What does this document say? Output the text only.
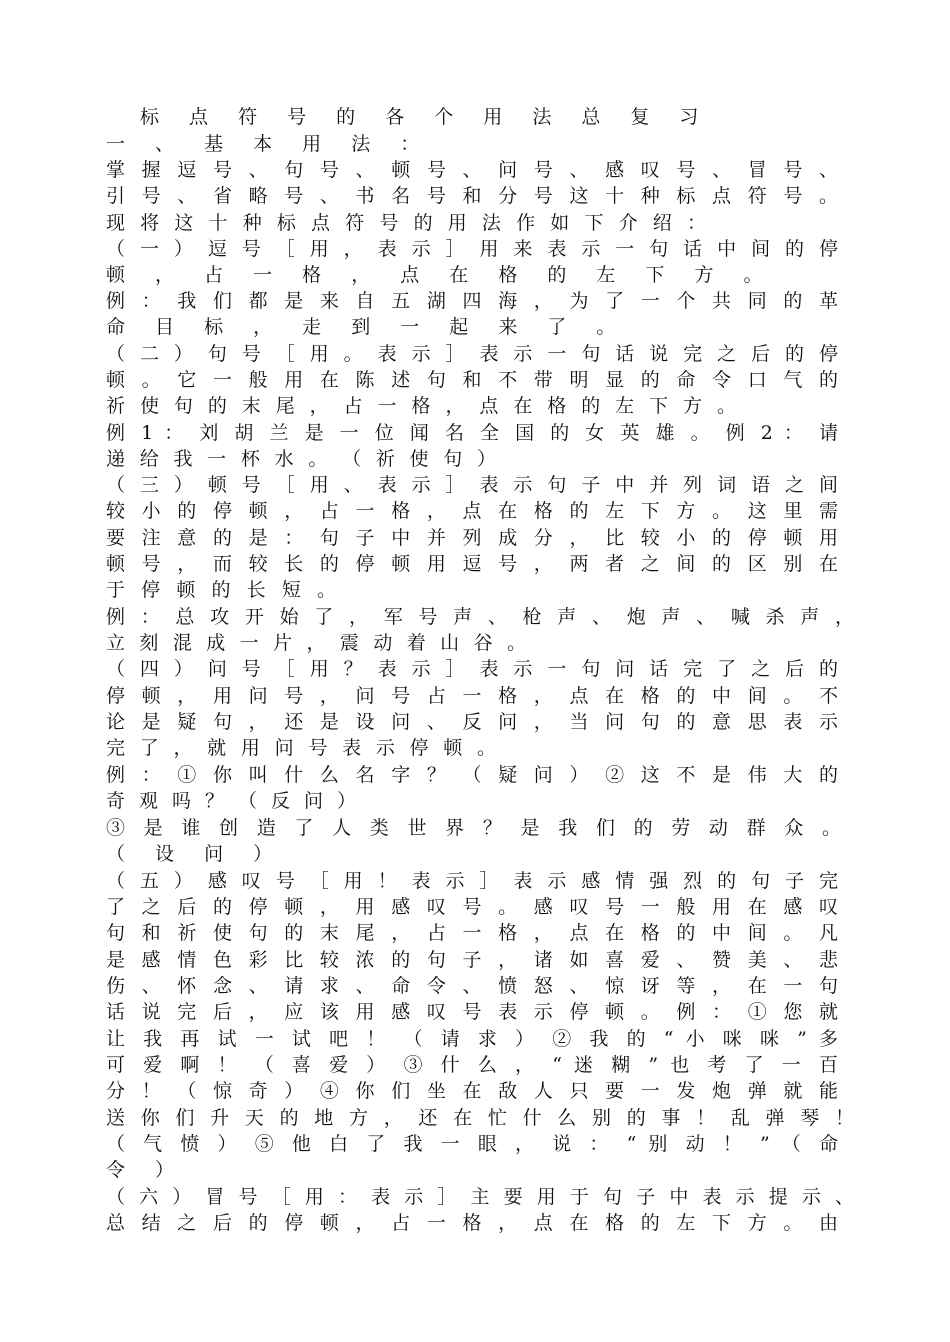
标 点 符 号 的 各 个 用 法 总 复 习
一 、 基 本 用 法 ：
掌 握 逗 号 、 句 号 、 顿 号 、 问 号 、 感 叹 号 、 冒 号 、
引 号 、 省 略 号 、 书 名 号 和 分 号 这 十 种 标 点 符 号 。
现 将 这 十 种 标 点 符 号 的 用 法 作 如 下 介 绍 ：
（ 一 ） 逗 号 ［ 用 ， 表 示 ］ 用 来 表 示 一 句 话 中 间 的 停
顿 ， 占 一 格 ， 点 在 格 的 左 下 方 。
例 ： 我 们 都 是 来 自 五 湖 四 海 ， 为 了 一 个 共 同 的 革
命 目 标 ， 走 到 一 起 来 了 。
（ 二 ） 句 号 ［ 用 。 表 示 ］ 表 示 一 句 话 说 完 之 后 的 停
顿 。 它 一 般 用 在 陈 述 句 和 不 带 明 显 的 命 令 口 气 的
祈 使 句 的 末 尾 ， 占 一 格 ， 点 在 格 的 左 下 方 。
例 1 ： 刘 胡 兰 是 一 位 闻 名 全 国 的 女 英 雄 。 例 2 ： 请
递 给 我 一 杯 水 。 （ 祈 使 句 ）
（ 三 ） 顿 号 ［ 用 、 表 示 ］ 表 示 句 子 中 并 列 词 语 之 间
较 小 的 停 顿 ， 占 一 格 ， 点 在 格 的 左 下 方 。 这 里 需
要 注 意 的 是 ： 句 子 中 并 列 成 分 ， 比 较 小 的 停 顿 用
顿 号 ， 而 较 长 的 停 顿 用 逗 号 ， 两 者 之 间 的 区 别 在
于 停 顿 的 长 短 。
例 ： 总 攻 开 始 了 ， 军 号 声 、 枪 声 、 炮 声 、 喊 杀 声 ，
立 刻 混 成 一 片 ， 震 动 着 山 谷 。
（ 四 ） 问 号 ［ 用 ？ 表 示 ］ 表 示 一 句 问 话 完 了 之 后 的
停 顿 ， 用 问 号 ， 问 号 占 一 格 ， 点 在 格 的 中 间 。 不
论 是 疑 句 ， 还 是 设 问 、 反 问 ， 当 问 句 的 意 思 表 示
完 了 ， 就 用 问 号 表 示 停 顿 。
例 ： ① 你 叫 什 么 名 字 ？ （ 疑 问 ） ② 这 不 是 伟 大 的
奇 观 吗 ？ （ 反 问 ）
③ 是 谁 创 造 了 人 类 世 界 ？ 是 我 们 的 劳 动 群 众 。
（ 设 问 ）
（ 五 ） 感 叹 号 ［ 用 ！ 表 示 ］ 表 示 感 情 强 烈 的 句 子 完
了 之 后 的 停 顿 ， 用 感 叹 号 。 感 叹 号 一 般 用 在 感 叹
句 和 祈 使 句 的 末 尾 ， 占 一 格 ， 点 在 格 的 中 间 。 凡
是 感 情 色 彩 比 较 浓 的 句 子 ， 诸 如 喜 爱 、 赞 美 、 悲
伤 、 怀 念 、 请 求 、 命 令 、 愤 怒 、 惊 讶 等 ， 在 一 句
话 说 完 后 ， 应 该 用 感 叹 号 表 示 停 顿 。 例 ： ① 您 就
让 我 再 试 一 试 吧 ！ （ 请 求 ） ② 我 的 “ 小 咪 咪 ” 多
可 爱 啊 ！ （ 喜 爱 ） ③ 什 么 ， “ 迷 糊 ” 也 考 了 一 百
分 ！ （ 惊 奇 ） ④ 你 们 坐 在 敌 人 只 要 一 发 炮 弹 就 能
送 你 们 升 天 的 地 方 ， 还 在 忙 什 么 别 的 事 ！ 乱 弹 琴 ！
（ 气 愤 ） ⑤ 他 白 了 我 一 眼 ， 说 ： “ 别 动 ！ ” （ 命
令 ）
（ 六 ） 冒 号 ［ 用 ： 表 示 ］ 主 要 用 于 句 子 中 表 示 提 示 、
总 结 之 后 的 停 顿 ， 占 一 格 ， 点 在 格 的 左 下 方 。 由
